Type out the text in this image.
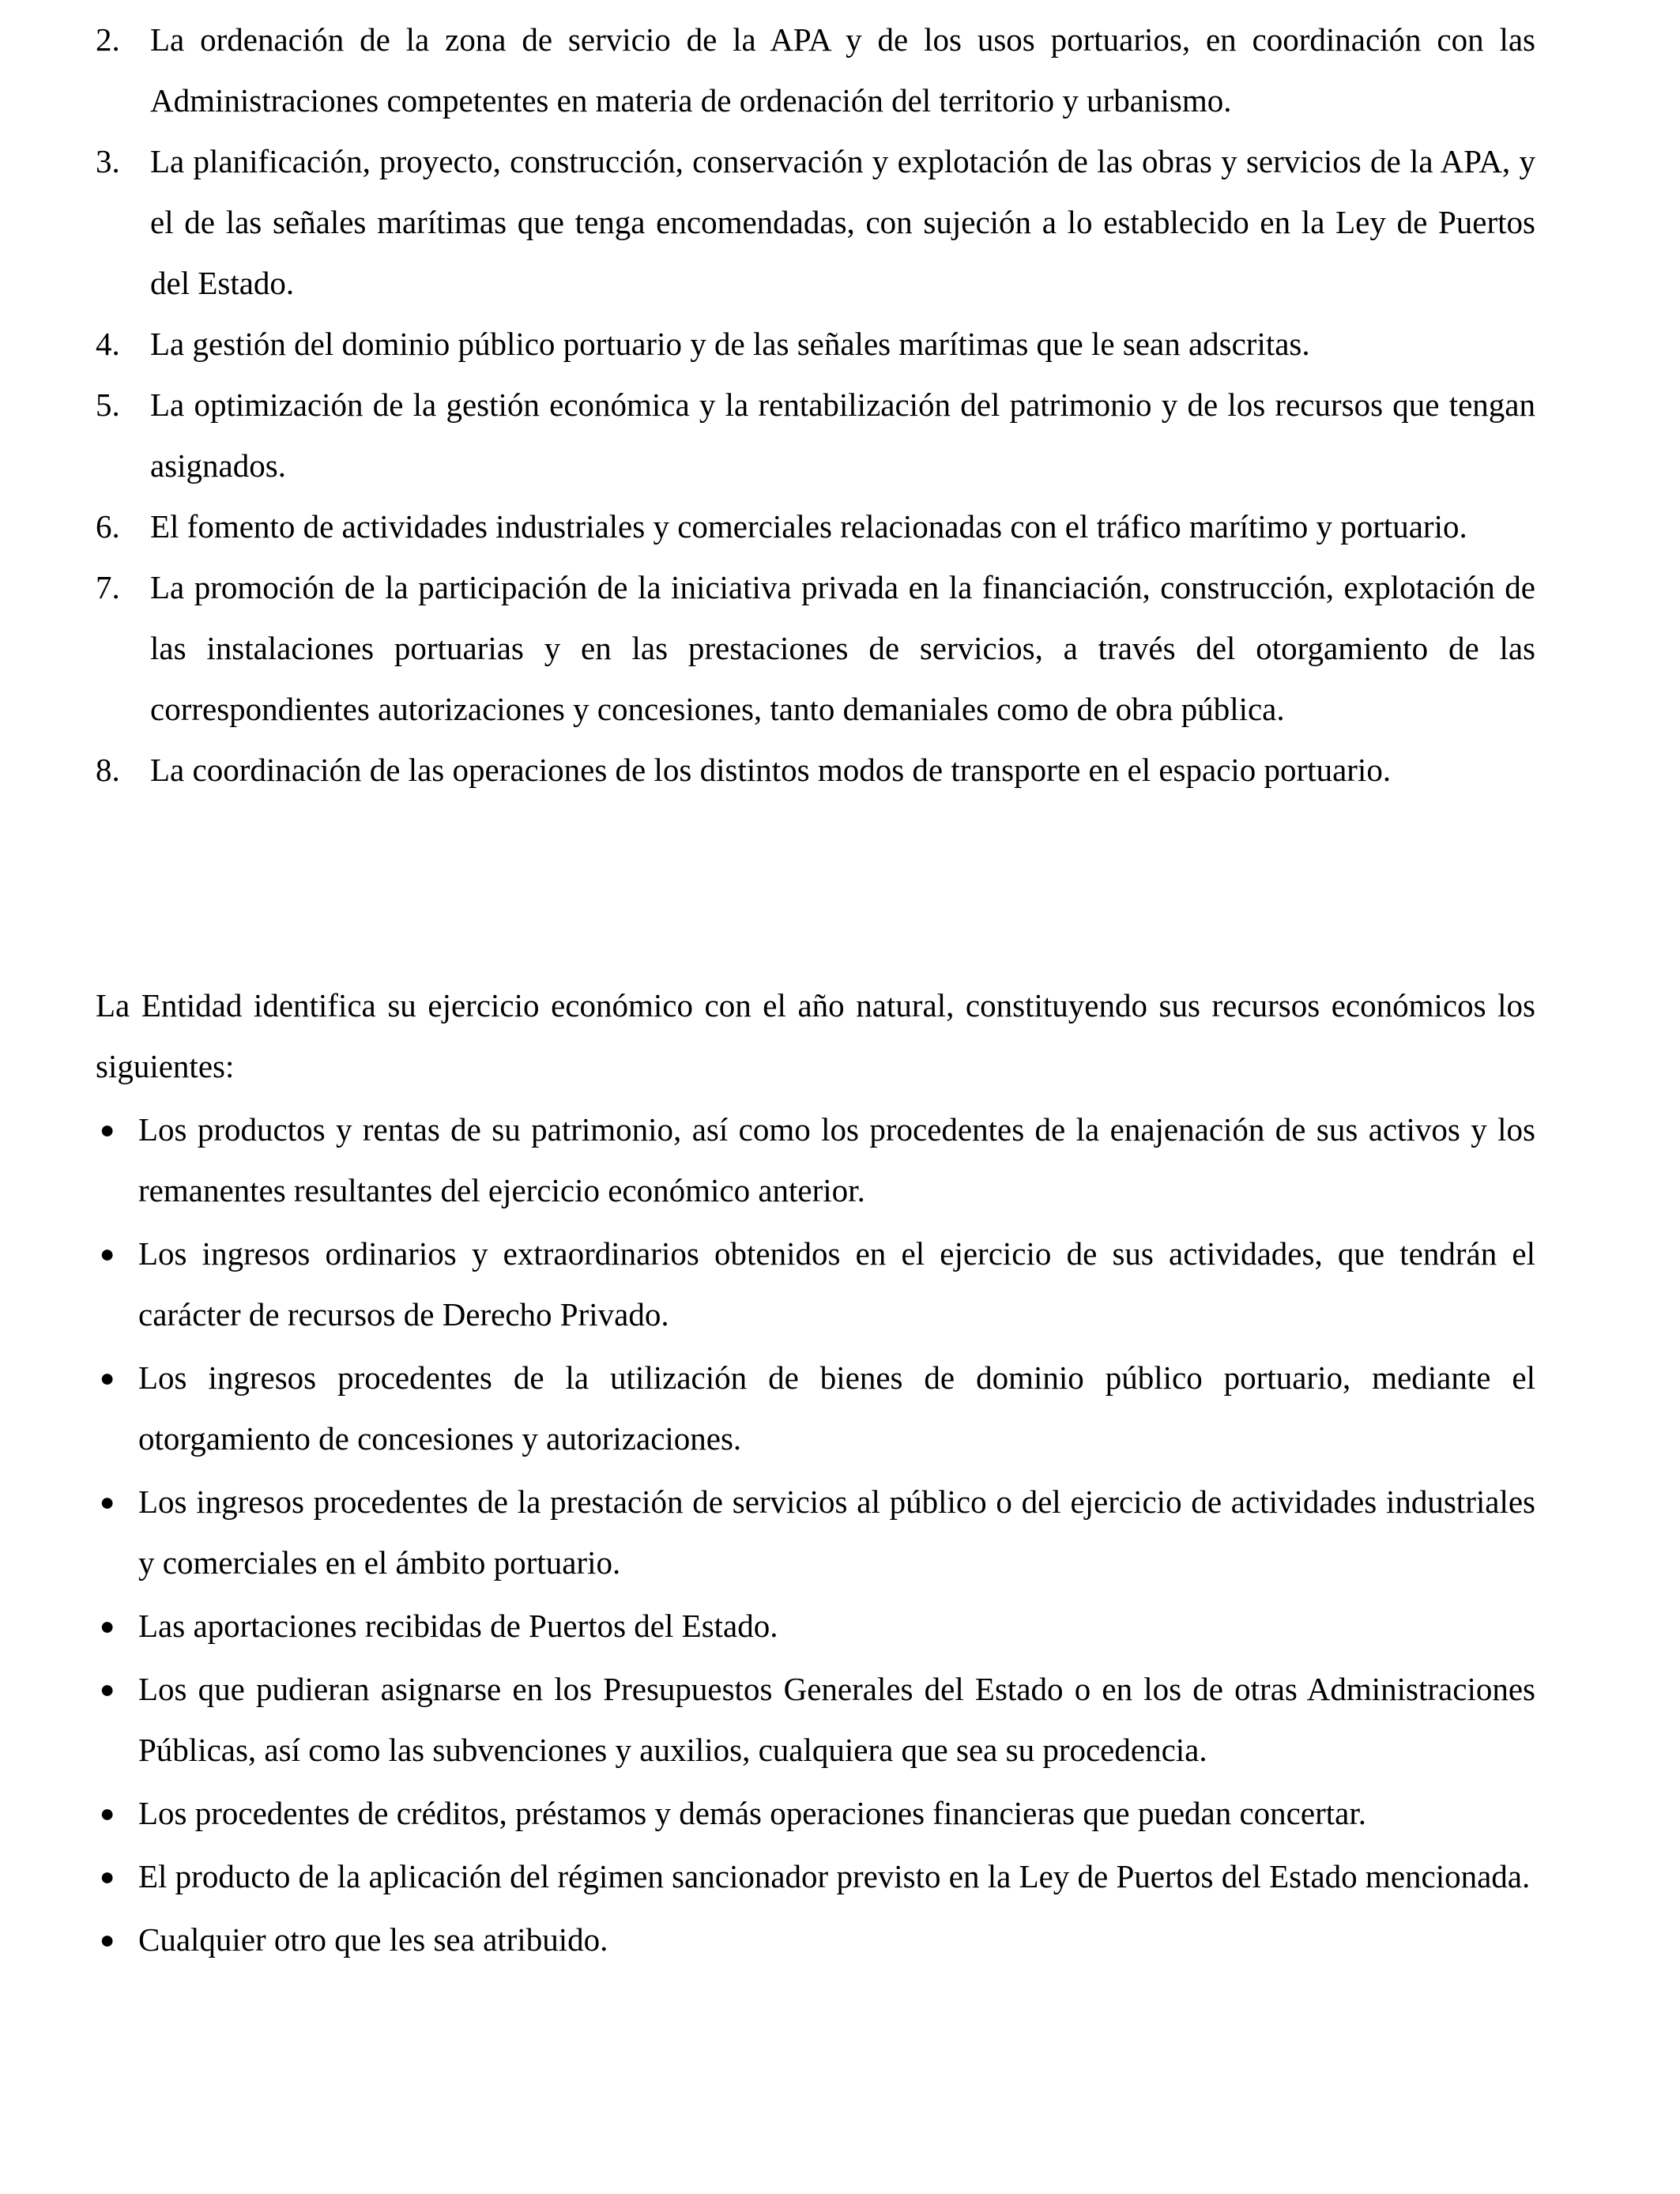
2. La ordenación de la zona de servicio de la APA y de los usos portuarios, en coordinación con las Administraciones competentes en materia de ordenación del territorio y urbanismo.
3. La planificación, proyecto, construcción, conservación y explotación de las obras y servicios de la APA, y el de las señales marítimas que tenga encomendadas, con sujeción a lo establecido en la Ley de Puertos del Estado.
4. La gestión del dominio público portuario y de las señales marítimas que le sean adscritas.
5. La optimización de la gestión económica y la rentabilización del patrimonio y de los recursos que tengan asignados.
6. El fomento de actividades industriales y comerciales relacionadas con el tráfico marítimo y portuario.
7. La promoción de la participación de la iniciativa privada en la financiación, construcción, explotación de las instalaciones portuarias y en las prestaciones de servicios, a través del otorgamiento de las correspondientes autorizaciones y concesiones, tanto demaniales como de obra pública.
8. La coordinación de las operaciones de los distintos modos de transporte en el espacio portuario.

La Entidad identifica su ejercicio económico con el año natural, constituyendo sus recursos económicos los siguientes:

● Los productos y rentas de su patrimonio, así como los procedentes de la enajenación de sus activos y los remanentes resultantes del ejercicio económico anterior.
● Los ingresos ordinarios y extraordinarios obtenidos en el ejercicio de sus actividades, que tendrán el carácter de recursos de Derecho Privado.
● Los ingresos procedentes de la utilización de bienes de dominio público portuario, mediante el otorgamiento de concesiones y autorizaciones.
● Los ingresos procedentes de la prestación de servicios al público o del ejercicio de actividades industriales y comerciales en el ámbito portuario.
● Las aportaciones recibidas de Puertos del Estado.
● Los que pudieran asignarse en los Presupuestos Generales del Estado o en los de otras Administraciones Públicas, así como las subvenciones y auxilios, cualquiera que sea su procedencia.
● Los procedentes de créditos, préstamos y demás operaciones financieras que puedan concertar.
● El producto de la aplicación del régimen sancionador previsto en la Ley de Puertos del Estado mencionada.
● Cualquier otro que les sea atribuido.
